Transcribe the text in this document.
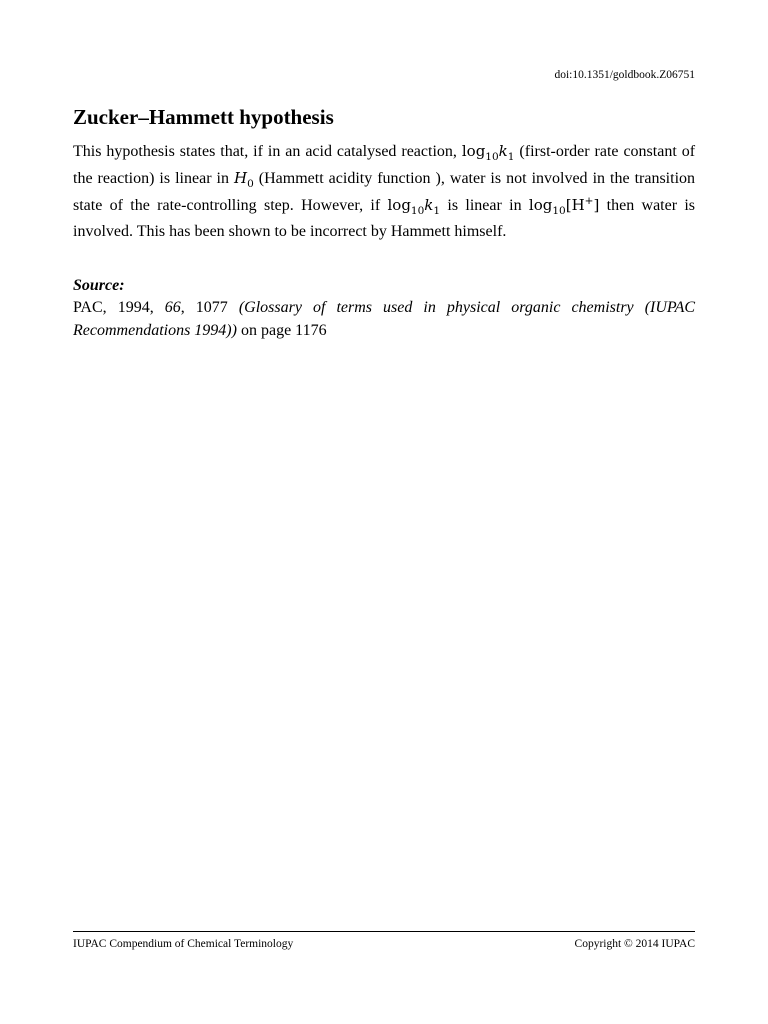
doi:10.1351/goldbook.Z06751
Zucker–Hammett hypothesis

This hypothesis states that, if in an acid catalysed reaction, $\log_{10}k_1$ (first-order rate constant of the reaction) is linear in $H_0$ (Hammett acidity function ), water is not involved in the transition state of the rate-controlling step. However, if $\log_{10}k_1$ is linear in $\log_{10}[H^+]$ then water is involved. This has been shown to be incorrect by Hammett himself.

Source:

PAC, 1994, 66, 1077 (Glossary of terms used in physical organic chemistry (IUPAC Recommendations 1994)) on page 1176

IUPAC Compendium of Chemical Terminology	Copyright © 2014 IUPAC
